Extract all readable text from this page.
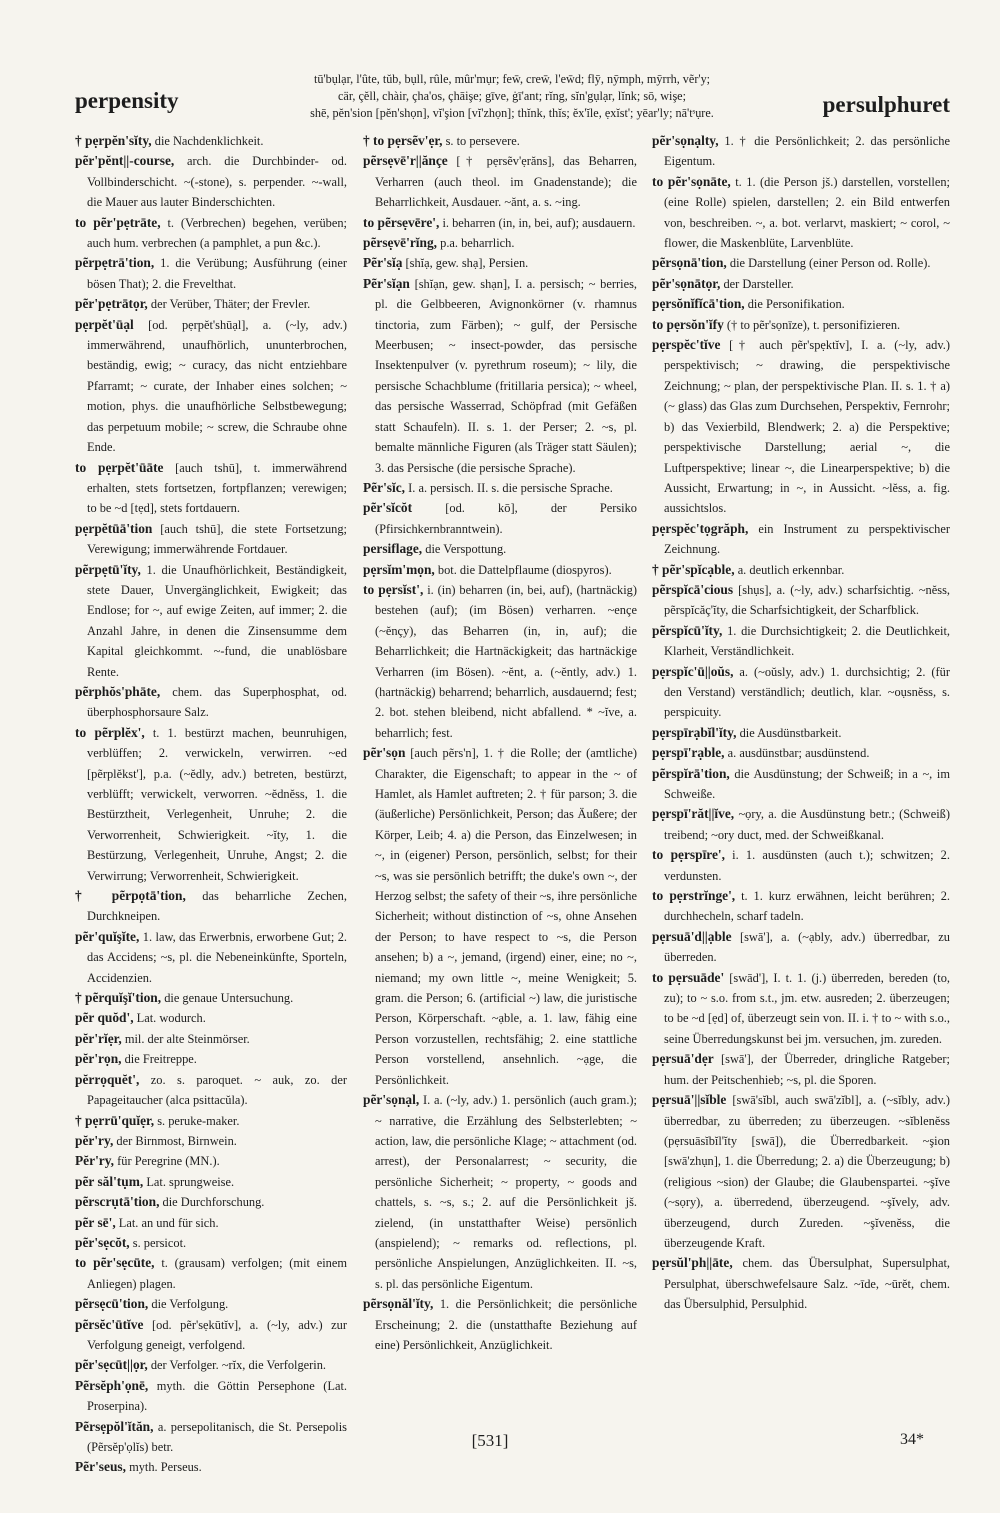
perpensity
tū'bụlạr, l'ûte, tŭb, bụll, rûle, mûr'mụr; few̄, crew̄, l'ew̄d; flȳ, nȳmph, mȳrrh, vẽr'y;
cär, çĕll, chàir, çha'os, çhāişe; gīve, ġī'ant; rĭng, sĭn'gụlạr, lĭnk; sō, wişe;
shē, pĕn'sion [pĕn'shọn], vĭ'şion [vĭ'zhọn]; thĭnk, thĭs; ĕx'ĭle, ẹxĭst'; yēar'ly; nā'tˢụre.	persulphuret
† pẹrpĕn'sĭty, die Nachdenklichkeit.
pẽr'pĕnt||-course, arch. die Durchbinder- od. Vollbinderschicht. ~(-stone), s. perpender. ~-wall, die Mauer aus lauter Binderschichten.
to pẽr'pẹtrāte, t. (Verbrechen) begehen, verüben; auch hum. verbrechen (a pamphlet, a pun &c.).
pẽrpẹtrā'tion, 1. die Verübung; Ausführung (einer bösen That); 2. die Frevelthat.
pẽr'pẹtrātọr, der Verüber, Thäter; der Frevler.
pẹrpĕt'ūạl [od. pẹrpĕt'shūạl], a. (~ly, adv.) immerwährend, unaufhörlich, ununterbrochen, beständig, ewig; ~ curacy, das nicht entziehbare Pfarramt; ~ curate, der Inhaber eines solchen; ~ motion, phys. die unaufhörliche Selbstbewegung; das perpetuum mobile; ~ screw, die Schraube ohne Ende.
to pẹrpĕt'ūāte [auch tshū], t. immerwährend erhalten, stets fortsetzen, fortpflanzen; verewigen; to be ~d [tẹd], stets fortdauern.
pẹrpĕtūā'tion [auch tshū], die stete Fortsetzung; Verewigung; immerwährende Fortdauer.
pẽrpẹtū'ĭty, 1. die Unaufhörlichkeit, Beständigkeit, stete Dauer, Unvergänglichkeit, Ewigkeit; das Endlose; for ~, auf ewige Zeiten, auf immer; 2. die Anzahl Jahre, in denen die Zinsensumme dem Kapital gleichkommt. ~-fund, die unablösbare Rente.
pẽrphŏs'phāte, chem. das Superphosphat, od. überphosphorsaure Salz.
to pẽrplĕx', t. 1. bestürzt machen, beunruhigen, verblüffen; 2. verwickeln, verwirren. ~ed [pẽrplĕkst'], p.a. (~ĕdly, adv.) betreten, bestürzt, verblüfft; verwickelt, verworren. ~ĕdnĕss, 1. die Bestürztheit, Verlegenheit, Unruhe; 2. die Verworrenheit, Schwierigkeit. ~ĭty, 1. die Bestürzung, Verlegenheit, Unruhe, Angst; 2. die Verwirrung; Verworrenheit, Schwierigkeit.
† pẽrpọtā'tion, das beharrliche Zechen, Durchkneipen.
pẽr'quĭşĭte, 1. law, das Erwerbnis, erworbene Gut; 2. das Accidens; ~s, pl. die Nebeneinkünfte, Sporteln, Accidenzien.
† pẽrquĭşĭ'tion, die genaue Untersuchung.
pẽr quŏd', Lat. wodurch.
pĕr'rĭẹr, mil. der alte Steinmörser.
pĕr'rọn, die Freitreppe.
pĕrrọquĕt', zo. s. paroquet. ~ auk, zo. der Papageitaucher (alca psittacŭla).
† pẹrrū'quĭẹr, s. peruke-maker.
pĕr'ry, der Birnmost, Birnwein.
Pĕr'ry, für Peregrine (MN.).
pẽr săl'tụm, Lat. sprungweise.
pẽrscrụtā'tion, die Durchforschung.
pẽr sē', Lat. an und für sich.
pẽr'sẹcŏt, s. persicot.
to pẽr'sẹcūte, t. (grausam) verfolgen; (mit einem Anliegen) plagen.
pẽrsẹcū'tion, die Verfolgung.
pẽrsĕc'ūtĭve [od. pẽr'sẹkūtĭv], a. (~ly, adv.) zur Verfolgung geneigt, verfolgend.
pẽr'sẹcūt||ọr, der Verfolger. ~rĭx, die Verfolgerin.
Pẽrsĕph'ọnē, myth. die Göttin Persephone (Lat. Proserpina).
Pẽrsẹpŏl'ĭtăn, a. persepolitanisch, die St. Persepolis (Pẽrsĕp'ọlĭs) betr.
Pẽr'seus, myth. Perseus.
† to pẹrsẽv'ẹr, s. to persevere.
pẽrsẹvē'r||ănçe [† pẹrsẽv'ẹrăns], das Beharren, Verharren (auch theol. im Gnadenstande); die Beharrlichkeit, Ausdauer. ~ănt, a. s. ~ing.
to pẽrsẹvēre', i. beharren (in, in, bei, auf); ausdauern.
pẽrsẹvē'rĭng, p.a. beharrlich.
Pẽr'sĭạ [shĭạ, gew. shạ], Persien.
Pẽr'sĭạn [shĭạn, gew. shạn], I. a. persisch; ~ berries, pl. die Gelbbeeren, Avignonkörner (v. rhamnus tinctoria, zum Färben); ~ gulf, der Persische Meerbusen; ~ insect-powder, das persische Insektenpulver (v. pyrethrum roseum); ~ lily, die persische Schachblume (fritillaria persica); ~ wheel, das persische Wasserrad, Schöpfrad (mit Gefäßen statt Schaufeln). II. s. 1. der Perser; 2. ~s, pl. bemalte männliche Figuren (als Träger statt Säulen); 3. das Persische (die persische Sprache).
Pẽr'sĭc, I. a. persisch. II. s. die persische Sprache.
pẽr'sĭcŏt	[od. kō], der Persiko (Pfirsichkernbranntwein).
persiflage, die Verspottung.
pẹrsĭm'mọn, bot. die Dattelpflaume (diospyros).
to pẹrsĭst', i. (in) beharren (in, bei, auf), (hartnäckig) bestehen (auf); (im Bösen) verharren. ~ençe (~ĕnçy), das Beharren (in, in, auf); die Beharrlichkeit; die Hartnäckigkeit; das hartnäckige Verharren (im Bösen). ~ĕnt, a. (~ĕntly, adv.) 1. (hartnäckig) beharrend; beharrlich, ausdauernd; fest; 2. bot. stehen bleibend, nicht abfallend. * ~ĭve, a. beharrlich; fest.
pẽr'sọn [auch pẽrs'n], 1. † die Rolle; der (amtliche) Charakter, die Eigenschaft; to appear in the ~ of Hamlet, als Hamlet auftreten; 2. † für parson; 3. die (äußerliche) Persönlichkeit, Person; das Äußere; der Körper, Leib; 4. a) die Person, das Einzelwesen; in ~, in (eigener) Person, persönlich, selbst; for their ~s, was sie persönlich betrifft; the duke's own ~, der Herzog selbst; the safety of their ~s, ihre persönliche Sicherheit; without distinction of ~s, ohne Ansehen der Person; to have respect to ~s, die Person ansehen; b) a ~, jemand, (irgend) einer, eine; no ~, niemand; my own little ~, meine Wenigkeit; 5. gram. die Person; 6. (artificial ~) law, die juristische Person, Körperschaft. ~ạble, a. 1. law, fähig eine Person vorzustellen, rechtsfähig; 2. eine stattliche Person vorstellend, ansehnlich. ~ạge, die Persönlichkeit.
pẽr'sọnạl, I. a. (~ly, adv.) 1. persönlich (auch gram.); ~ narrative, die Erzählung des Selbsterlebten; ~ action, law, die persönliche Klage; ~ attachment (od. arrest), der Personalarrest; ~ security, die persönliche Sicherheit; ~ property, ~ goods and chattels, s. ~s, s.; 2. auf die Persönlichkeit jš. zielend, (in unstatthafter Weise) persönlich (anspielend); ~ remarks od. reflections, pl. persönliche Anspielungen, Anzüglichkeiten. II. ~s, s. pl. das persönliche Eigentum.
pẽrsọnăl'ĭty, 1. die Persönlichkeit; die persönliche Erscheinung; 2. die (unstatthafte Beziehung auf eine) Persönlichkeit, Anzüglichkeit.
pẽr'sọnạlty, 1. † die Persönlichkeit; 2. das persönliche Eigentum.
to pẽr'sọnāte, t. 1. (die Person jš.) darstellen, vorstellen; (eine Rolle) spielen, darstellen; 2. ein Bild entwerfen von, beschreiben. ~, a. bot. verlarvt, maskiert; ~ corol, ~ flower, die Maskenblüte, Larvenblüte.
pẽrsọnā'tion, die Darstellung (einer Person od. Rolle).
pẽr'sọnātọr, der Darsteller.
pẹrsŏnĭfĭcā'tion, die Personifikation.
to pẹrsŏn'ĭfy († to pẽr'sọnīze), t. personifizieren.
pẹrspĕc'tĭve [† auch pẽr'spẹktĭv], I. a. (~ly, adv.) perspektivisch; ~ drawing, die perspektivische Zeichnung; ~ plan, der perspektivische Plan. II. s. 1. † a) (~ glass) das Glas zum Durchsehen, Perspektiv, Fernrohr; b) das Vexierbild, Blendwerk; 2. a) die Perspektive; perspektivische Darstellung; aerial ~, die Luftperspektive; linear ~, die Linearperspektive; b) die Aussicht, Erwartung; in ~, in Aussicht. ~lĕss, a. fig. aussichtslos.
pẹrspĕc'tọgrăph, ein Instrument zu perspektivischer Zeichnung.
† pẽr'spĭcạble, a. deutlich erkennbar.
pẽrspĭcā'cious [shụs], a. (~ly, adv.) scharfsichtig. ~nĕss, pẽrspĭcăç'ĭty, die Scharfsichtigkeit, der Scharfblick.
pẽrspĭcū'ĭty, 1. die Durchsichtigkeit; 2. die Deutlichkeit, Klarheit, Verständlichkeit.
pẹrspĭc'ū||oŭs, a. (~oŭsly, adv.) 1. durchsichtig; 2. (für den Verstand) verständlich; deutlich, klar. ~oụsnĕss, s. perspicuity.
pẹrspīrạbĭl'ĭty, die Ausdünstbarkeit.
pẹrspī'rạble, a. ausdünstbar; ausdünstend.
pẽrspĭrā'tion, die Ausdünstung; der Schweiß; in a ~, im Schweiße.
pẹrspī'răt||ĭve, ~ọry, a. die Ausdünstung betr.; (Schweiß) treibend; ~ory duct, med. der Schweißkanal.
to pẹrspīre', i. 1. ausdünsten (auch t.); schwitzen; 2. verdunsten.
to pẹrstrĭnge', t. 1. kurz erwähnen, leicht berühren; 2. durchhecheln, scharf tadeln.
pẹrsuā'd||ạble [swā'], a. (~ạbly, adv.) überredbar, zu überreden.
to pẹrsuāde' [swād'], I. t. 1. (j.) überreden, bereden (to, zu); to ~ s.o. from s.t., jm. etw. ausreden; 2. überzeugen; to be ~d [ẹd] of, überzeugt sein von. II. i. † to ~ with s.o., seine Überredungskunst bei jm. versuchen, jm. zureden.
pẹrsuā'dẹr [swā'], der Überreder, dringliche Ratgeber; hum. der Peitschenhieb; ~s, pl. die Sporen.
pẹrsuā'||sĭble [swā'sĭbl, auch swā'zĭbl], a. (~sĭbly, adv.) überredbar, zu überreden; zu überzeugen. ~sĭblenĕss (pẹrsuāsĭbĭl'ĭty [swā]), die Überredbarkeit. ~şion [swā'zhụn], 1. die Überredung; 2. a) die Überzeugung; b) (religious ~sion) der Glaube; die Glaubenspartei. ~şĭve (~sọry), a. überredend, überzeugend. ~şĭvely, adv. überzeugend, durch Zureden. ~şĭvenĕss, die überzeugende Kraft.
pẹrsŭl'ph||āte, chem. das Übersulphat, Supersulphat, Persulphat, überschwefelsaure Salz. ~īde, ~ūrĕt, chem. das Übersulphid, Persulphid.
[531]	34*
